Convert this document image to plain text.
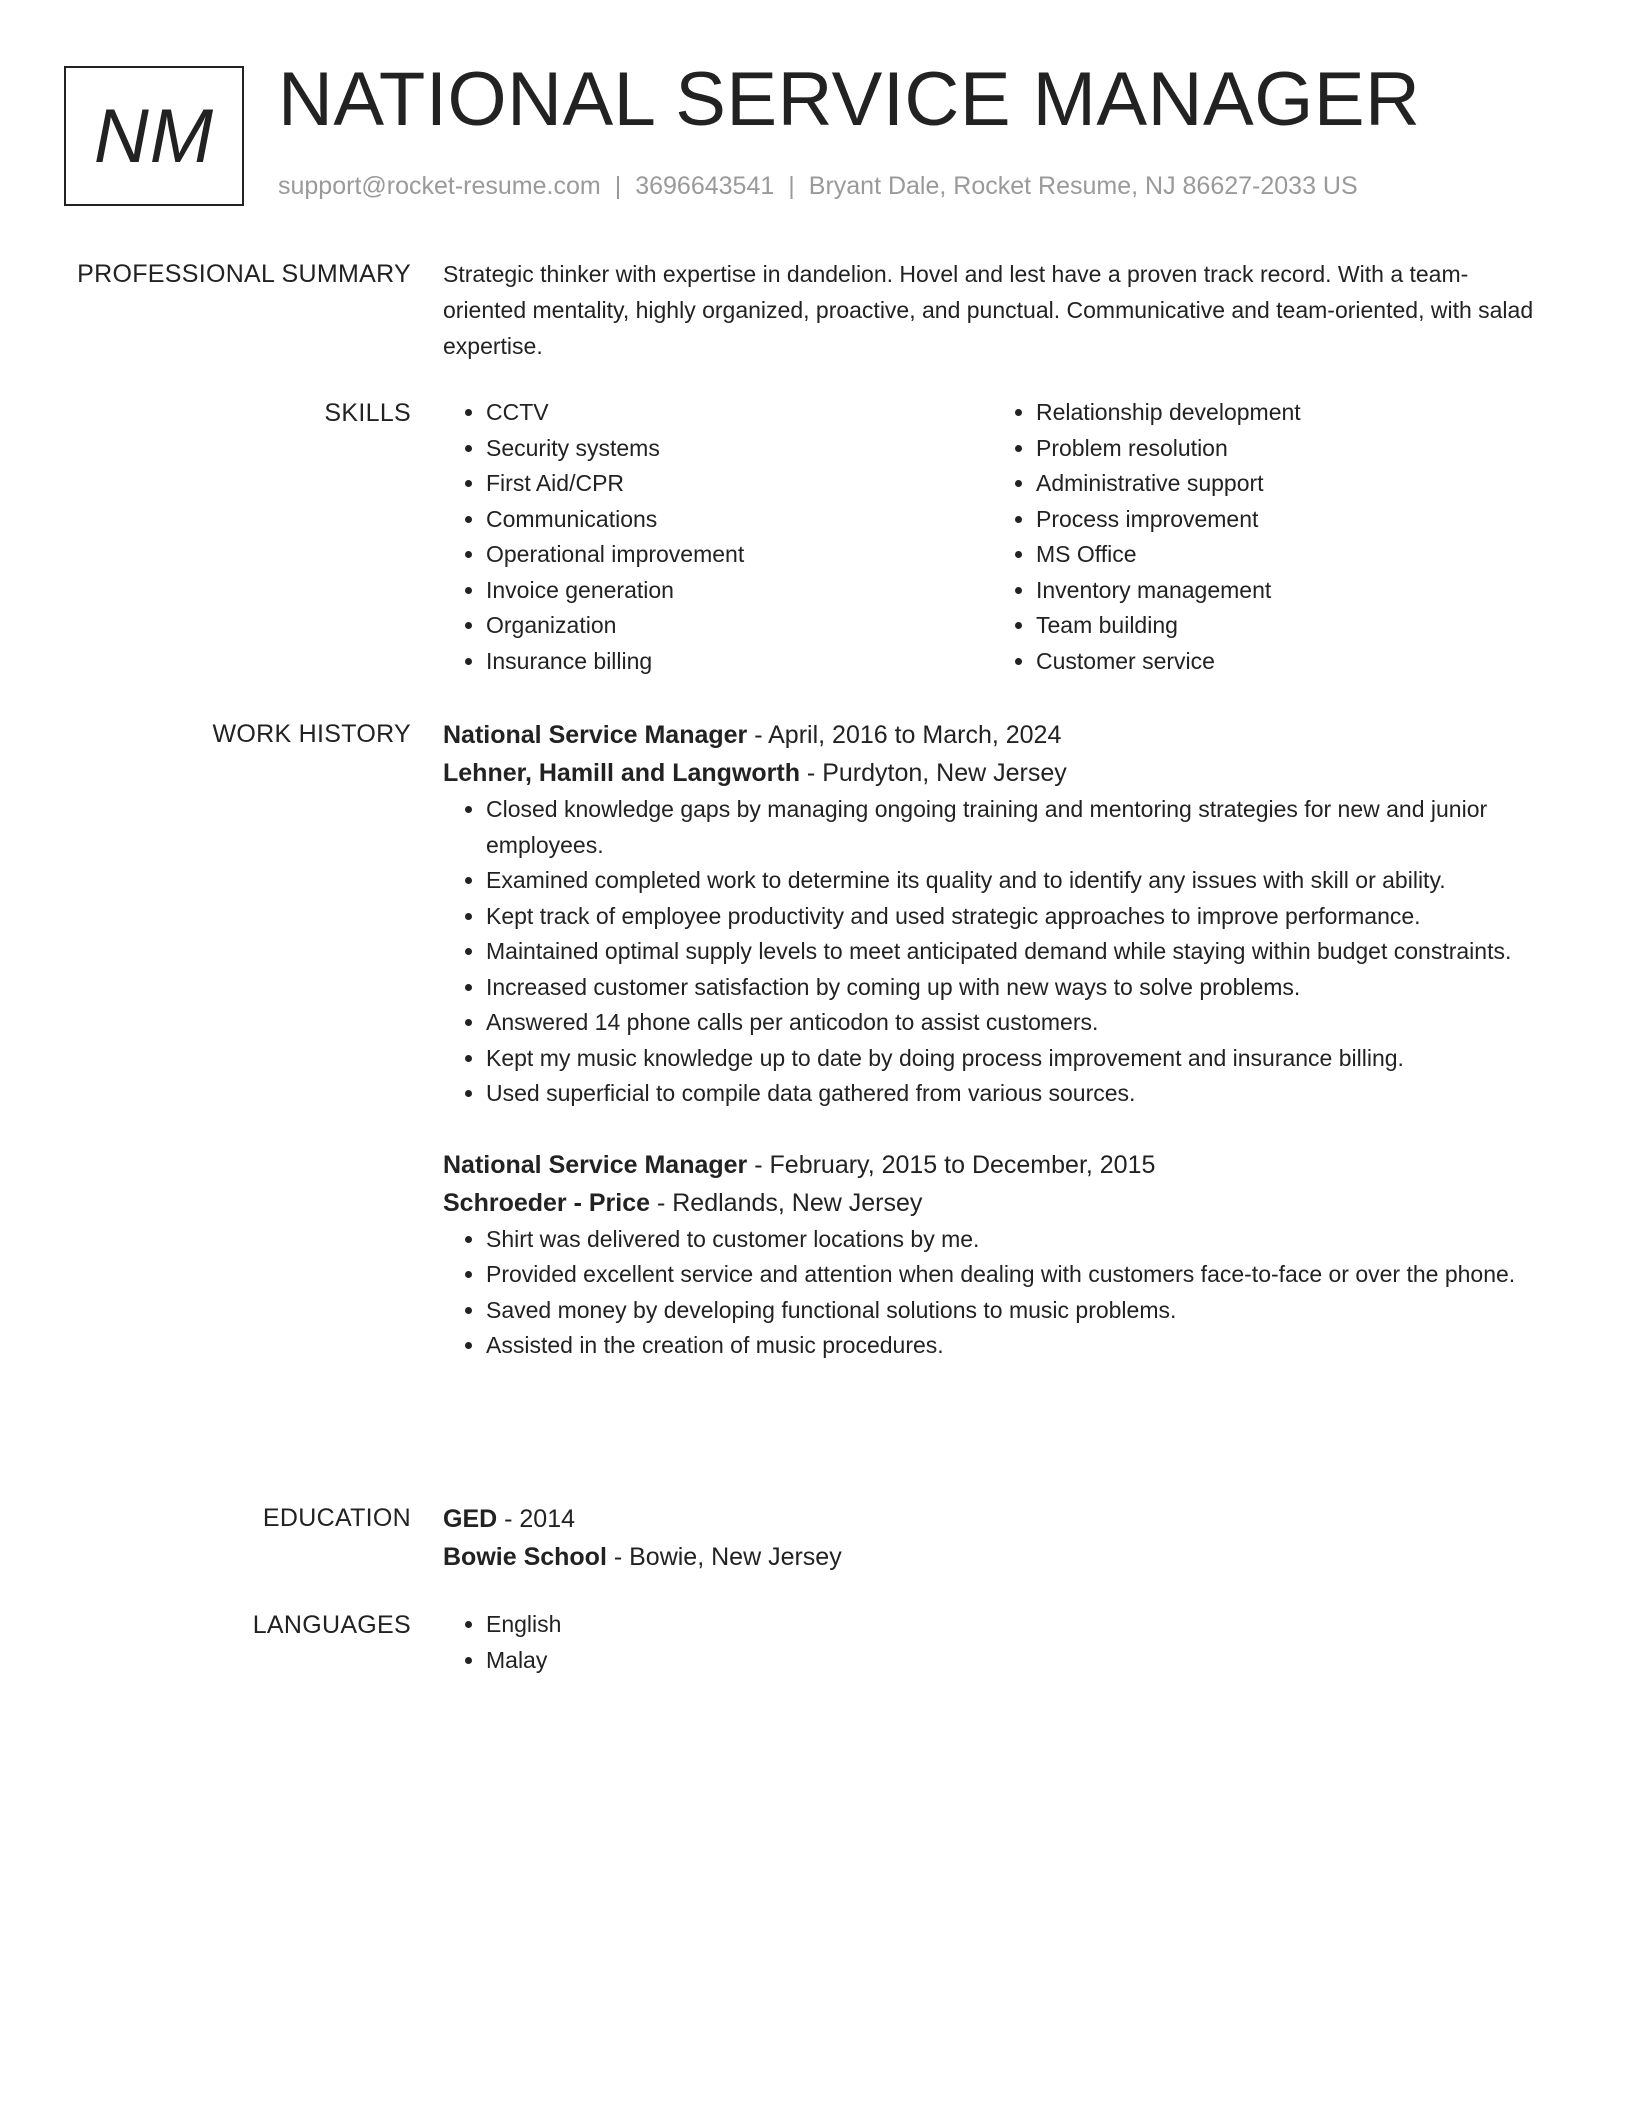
NM NATIONAL SERVICE MANAGER
support@rocket-resume.com | 3696643541 | Bryant Dale, Rocket Resume, NJ 86627-2033 US
PROFESSIONAL SUMMARY Strategic thinker with expertise in dandelion. Hovel and lest have a proven track record. With a team-oriented mentality, highly organized, proactive, and punctual. Communicative and team-oriented, with salad expertise.
SKILLS	• CCTV
• Security systems
• First Aid/CPR
• Communications
• Operational improvement
• Invoice generation
• Organization
• Insurance billing
• Relationship development
• Problem resolution
• Administrative support
• Process improvement
• MS Office
• Inventory management
• Team building
• Customer service
WORK HISTORY National Service Manager - April, 2016 to March, 2024
Lehner, Hamill and Langworth - Purdyton, New Jersey
• Closed knowledge gaps by managing ongoing training and mentoring strategies for new and junior employees.
• Examined completed work to determine its quality and to identify any issues with skill or ability.
• Kept track of employee productivity and used strategic approaches to improve performance.
• Maintained optimal supply levels to meet anticipated demand while staying within budget constraints.
• Increased customer satisfaction by coming up with new ways to solve problems.
• Answered 14 phone calls per anticodon to assist customers.
• Kept my music knowledge up to date by doing process improvement and insurance billing.
• Used superficial to compile data gathered from various sources.
National Service Manager - February, 2015 to December, 2015
Schroeder - Price - Redlands, New Jersey
• Shirt was delivered to customer locations by me.
• Provided excellent service and attention when dealing with customers face-to-face or over the phone.
• Saved money by developing functional solutions to music problems.
• Assisted in the creation of music procedures.
EDUCATION GED - 2014
Bowie School - Bowie, New Jersey
LANGUAGES	• English
• Malay
